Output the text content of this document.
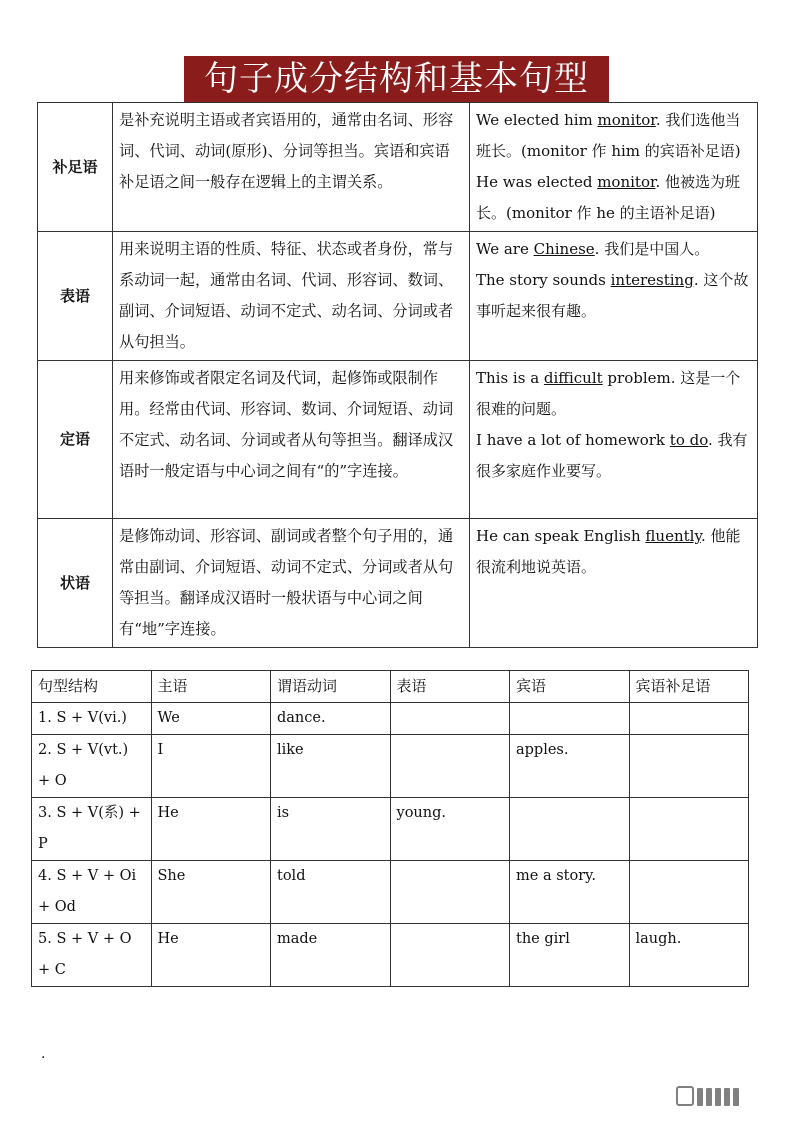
句子成分结构和基本句型
补足语	是补充说明主语或者宾语用的，通常由名词、形容词、代词、动词(原形)、分词等担当。宾语和宾语补足语之间一般存在逻辑上的主谓关系。	We elected him monitor. 我们选他当班长。(monitor 作 him 的宾语补足语)
He was elected monitor. 他被选为班长。(monitor 作 he 的主语补足语)

表语	用来说明主语的性质、特征、状态或者身份，常与系动词一起，通常由名词、代词、形容词、数词、副词、介词短语、动词不定式、动名词、分词或者从句担当。	We are Chinese. 我们是中国人。
The story sounds interesting. 这个故事听起来很有趣。

定语	用来修饰或者限定名词及代词，起修饰或限制作用。经常由代词、形容词、数词、介词短语、动词不定式、动名词、分词或者从句等担当。翻译成汉语时一般定语与中心词之间有“的”字连接。	This is a difficult problem. 这是一个很难的问题。
I have a lot of homework to do. 我有很多家庭作业要写。

状语	是修饰动词、形容词、副词或者整个句子用的，通常由副词、介词短语、动词不定式、分词或者从句等担当。翻译成汉语时一般状语与中心词之间有“地”字连接。	He can speak English fluently. 他能很流利地说英语。
句型结构	主语	谓语动词	表语	宾语	宾语补足语
1. S + V(vi.)	We	dance.			
2. S + V(vt.) + O	I	like		apples.	
3. S + V(系) + P	He	is	young.		
4. S + V + Oi + Od	She	told		me a story.	
5. S + V + O + C	He	made		the girl	laugh.
.
